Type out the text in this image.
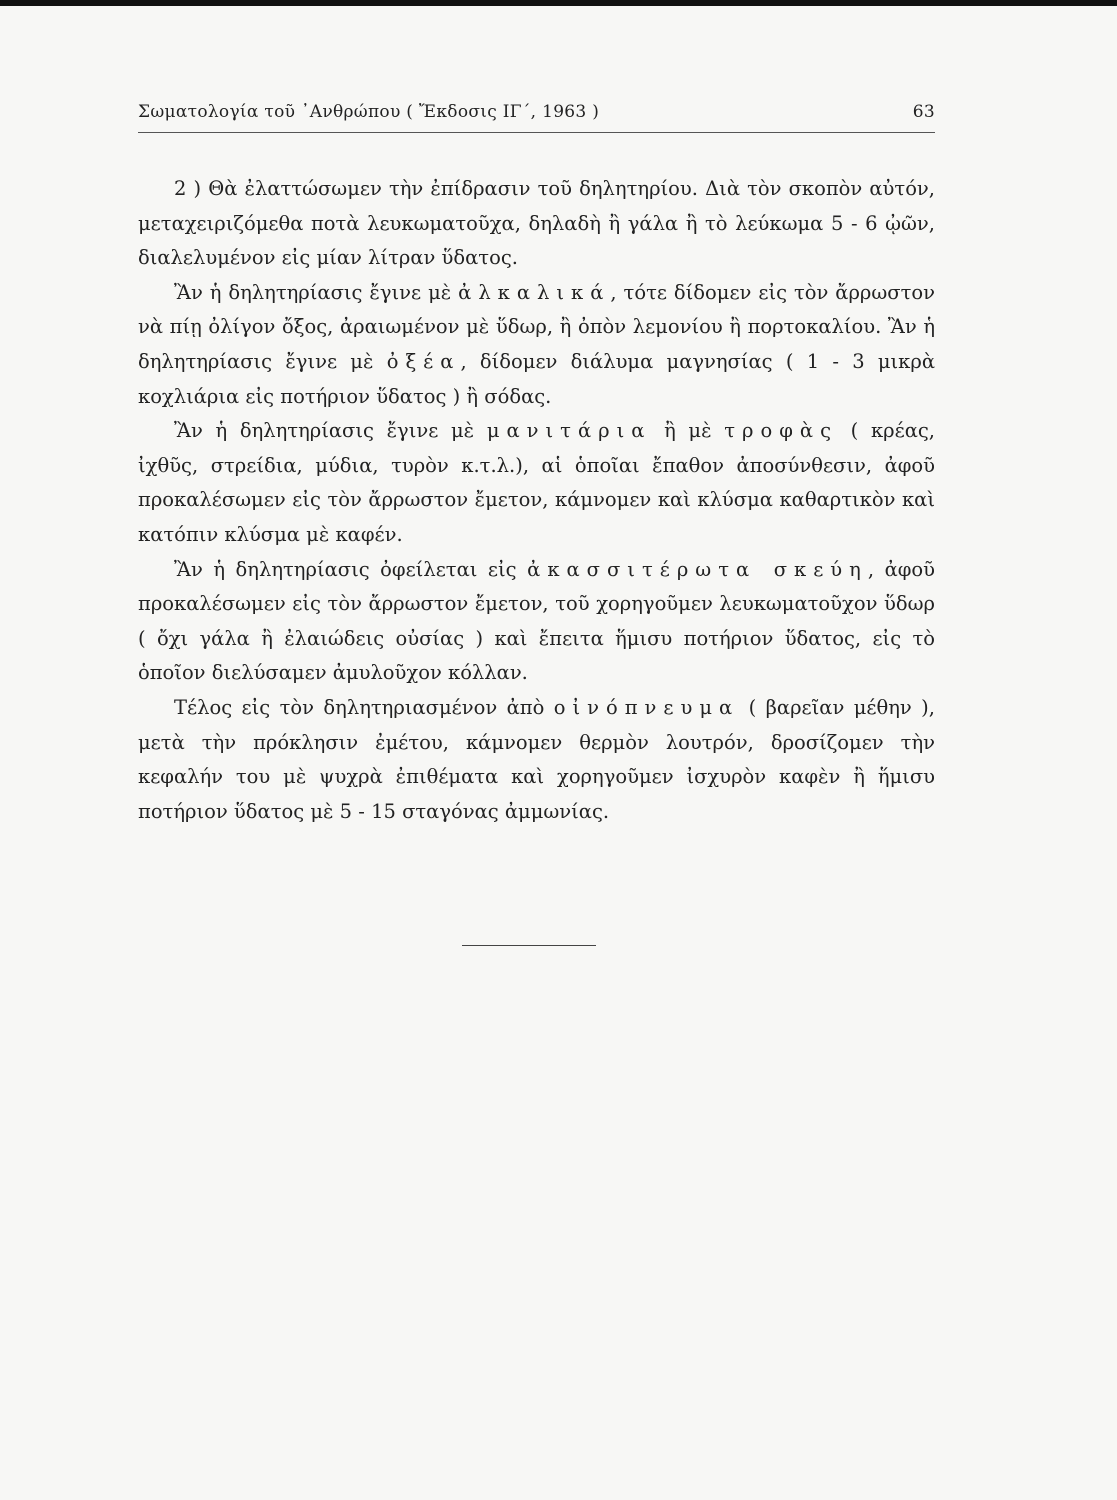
Σωματολογία τοῦ ᾿Ανθρώπου ( Ἔκδοσις ΙΓ΄, 1963 )	63

2 ) Θὰ ἐλαττώσωμεν τὴν ἐπίδρασιν τοῦ δηλητηρίου. Διὰ τὸν σκοπὸν αὐτόν, μεταχειριζόμεθα ποτὰ λευκωματοῦχα, δηλαδὴ ἢ γάλα ἢ τὸ λεύκωμα 5 - 6 ᾠῶν, διαλελυμένον εἰς μίαν λίτραν ὕδατος.

Ἂν ἡ δηλητηρίασις ἔγινε μὲ ἀλκαλικά, τότε δίδομεν εἰς τὸν ἄρρωστον νὰ πίῃ ὀλίγον ὄξος, ἀραιωμένον μὲ ὕδωρ, ἢ ὀπὸν λεμονίου ἢ πορτοκαλίου. Ἂν ἡ δηλητηρίασις ἔγινε μὲ ὀξέα, δίδομεν διάλυμα μαγνησίας ( 1 - 3 μικρὰ κοχλιάρια εἰς ποτήριον ὕδατος ) ἢ σόδας.

Ἂν ἡ δηλητηρίασις ἔγινε μὲ μανιτάρια ἢ μὲ τροφὰς ( κρέας, ἰχθῦς, στρείδια, μύδια, τυρὸν κ.τ.λ.), αἱ ὁποῖαι ἔπαθον ἀποσύνθεσιν, ἀφοῦ προκαλέσωμεν εἰς τὸν ἄρρωστον ἔμετον, κάμνομεν καὶ κλύσμα καθαρτικὸν καὶ κατόπιν κλύσμα μὲ καφέν.

Ἂν ἡ δηλητηρίασις ὀφείλεται εἰς ἀκασσιτέρωτα σκεύη, ἀφοῦ προκαλέσωμεν εἰς τὸν ἄρρωστον ἔμετον, τοῦ χορηγοῦμεν λευκωματοῦχον ὕδωρ ( ὄχι γάλα ἢ ἐλαιώδεις οὐσίας ) καὶ ἔπειτα ἥμισυ ποτήριον ὕδατος, εἰς τὸ ὁποῖον διελύσαμεν ἀμυλοῦχον κόλλαν.

Τέλος εἰς τὸν δηλητηριασμένον ἀπὸ οἰνόπνευμα ( βαρεῖαν μέθην ), μετὰ τὴν πρόκλησιν ἐμέτου, κάμνομεν θερμὸν λουτρόν, δροσίζομεν τὴν κεφαλήν του μὲ ψυχρὰ ἐπιθέματα καὶ χορηγοῦμεν ἰσχυρὸν καφὲν ἢ ἥμισυ ποτήριον ὕδατος μὲ 5 - 15 σταγόνας ἀμμωνίας.
